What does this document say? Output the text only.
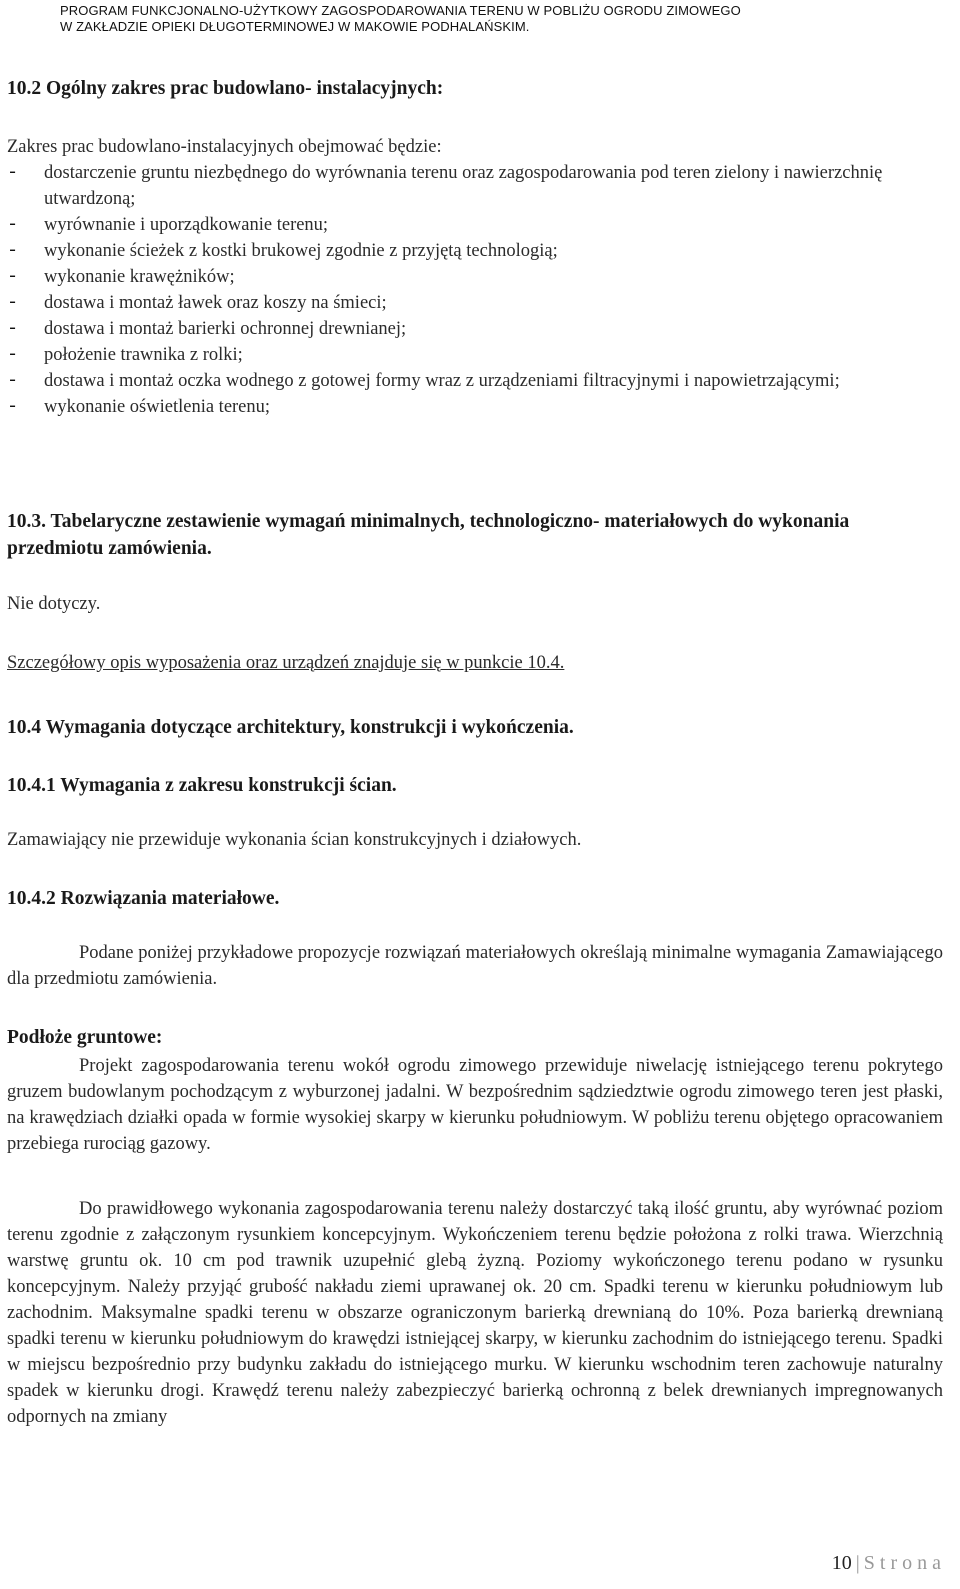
PROGRAM FUNKCJONALNO-UŻYTKOWY ZAGOSPODAROWANIA TERENU W POBLIŻU OGRODU ZIMOWEGO
W ZAKŁADZIE OPIEKI DŁUGOTERMINOWEJ W MAKOWIE PODHALAŃSKIM.
10.2 Ogólny zakres prac budowlano- instalacyjnych:

Zakres prac budowlano-instalacyjnych obejmować będzie:

- dostarczenie gruntu niezbędnego do wyrównania terenu oraz zagospodarowania pod teren zielony i nawierzchnię utwardzoną;
- wyrównanie i uporządkowanie terenu;
- wykonanie ścieżek z kostki brukowej zgodnie z przyjętą technologią;
- wykonanie krawężników;
- dostawa i montaż ławek oraz koszy na śmieci;
- dostawa i montaż barierki ochronnej drewnianej;
- położenie trawnika z rolki;
- dostawa i montaż oczka wodnego z gotowej formy wraz z urządzeniami filtracyjnymi i napowietrzającymi;
- wykonanie oświetlenia terenu;
10.3. Tabelaryczne zestawienie wymagań minimalnych, technologiczno- materiałowych do wykonania przedmiotu zamówienia.

Nie dotyczy.

Szczegółowy opis wyposażenia oraz urządzeń znajduje się w punkcie 10.4.

10.4 Wymagania dotyczące architektury, konstrukcji i wykończenia.
10.4.1 Wymagania z zakresu konstrukcji ścian.

Zamawiający nie przewiduje wykonania ścian konstrukcyjnych i działowych.

10.4.2 Rozwiązania materiałowe.

Podane poniżej przykładowe propozycje rozwiązań materiałowych określają minimalne wymagania Zamawiającego dla przedmiotu zamówienia.

Podłoże gruntowe:

Projekt zagospodarowania terenu wokół ogrodu zimowego przewiduje niwelację istniejącego terenu pokrytego gruzem budowlanym pochodzącym z wyburzonej jadalni. W bezpośrednim sądziedztwie ogrodu zimowego teren jest płaski, na krawędziach działki opada w formie wysokiej skarpy w kierunku południowym. W pobliżu terenu objętego opracowaniem przebiega rurociąg gazowy.

Do prawidłowego wykonania zagospodarowania terenu należy dostarczyć taką ilość gruntu, aby wyrównać poziom terenu zgodnie z załączonym rysunkiem koncepcyjnym. Wykończeniem terenu będzie położona z rolki trawa. Wierzchnią warstwę gruntu ok. 10 cm pod trawnik uzupełnić glebą żyzną. Poziomy wykończonego terenu podano w rysunku koncepcyjnym. Należy przyjąć grubość nakładu ziemi uprawanej ok. 20 cm. Spadki terenu w kierunku południowym lub zachodnim. Maksymalne spadki terenu w obszarze ograniczonym barierką drewnianą do 10%. Poza barierką drewnianą spadki terenu w kierunku południowym do krawędzi istniejącej skarpy, w kierunku zachodnim do istniejącego terenu. Spadki w miejscu bezpośrednio przy budynku zakładu do istniejącego murku. W kierunku wschodnim teren zachowuje naturalny spadek w kierunku drogi. Krawędź terenu należy zabezpieczyć barierką ochronną z belek drewnianych impregnowanych odpornych na zmiany

10 | Strona
